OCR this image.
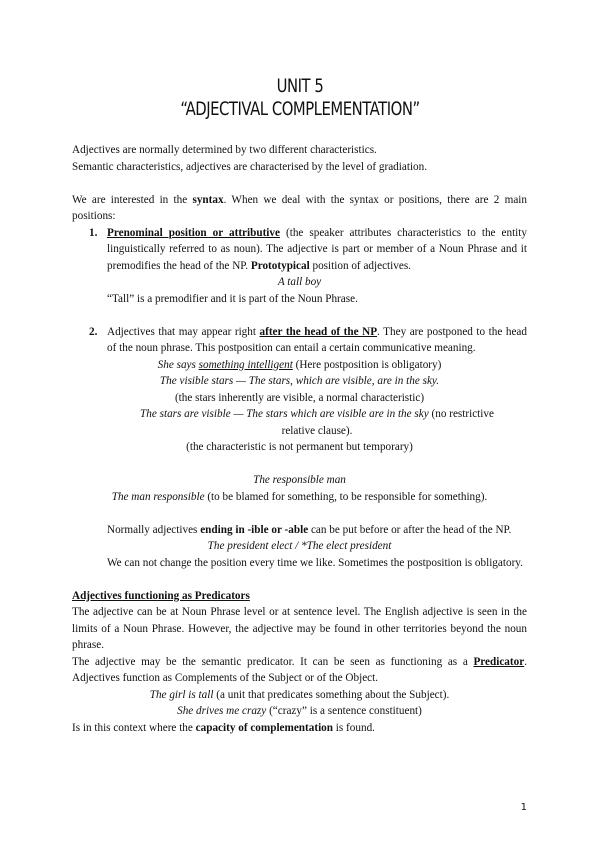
UNIT 5
“ADJECTIVAL COMPLEMENTATION”

Adjectives are normally determined by two different characteristics.

Semantic characteristics, adjectives are characterised by the level of gradiation.

We are interested in the syntax. When we deal with the syntax or positions, there are 2 main positions:

1. Prenominal position or attributive (the speaker attributes characteristics to the entity linguistically referred to as noun). The adjective is part or member of a Noun Phrase and it premodifies the head of the NP. Prototypical position of adjectives.
A tall boy
“Tall” is a premodifier and it is part of the Noun Phrase.
2. Adjectives that may appear right after the head of the NP. They are postponed to the head of the noun phrase. This postposition can entail a certain communicative meaning.
She says something intelligent (Here postposition is obligatory)
The visible stars — The stars, which are visible, are in the sky.
(the stars inherently are visible, a normal characteristic)
The stars are visible — The stars which are visible are in the sky (no restrictive relative clause).
(the characteristic is not permanent but temporary)
The responsible man
The man responsible (to be blamed for something, to be responsible for something).
Normally adjectives ending in -ible or -able can be put before or after the head of the NP.
The president elect / *The elect president
We can not change the position every time we like. Sometimes the postposition is obligatory.

Adjectives functioning as Predicators

The adjective can be at Noun Phrase level or at sentence level. The English adjective is seen in the limits of a Noun Phrase. However, the adjective may be found in other territories beyond the noun phrase.

The adjective may be the semantic predicator. It can be seen as functioning as a Predicator. Adjectives function as Complements of the Subject or of the Object.

The girl is tall (a unit that predicates something about the Subject).
She drives me crazy (“crazy” is a sentence constituent)

Is in this context where the capacity of complementation is found.

1
